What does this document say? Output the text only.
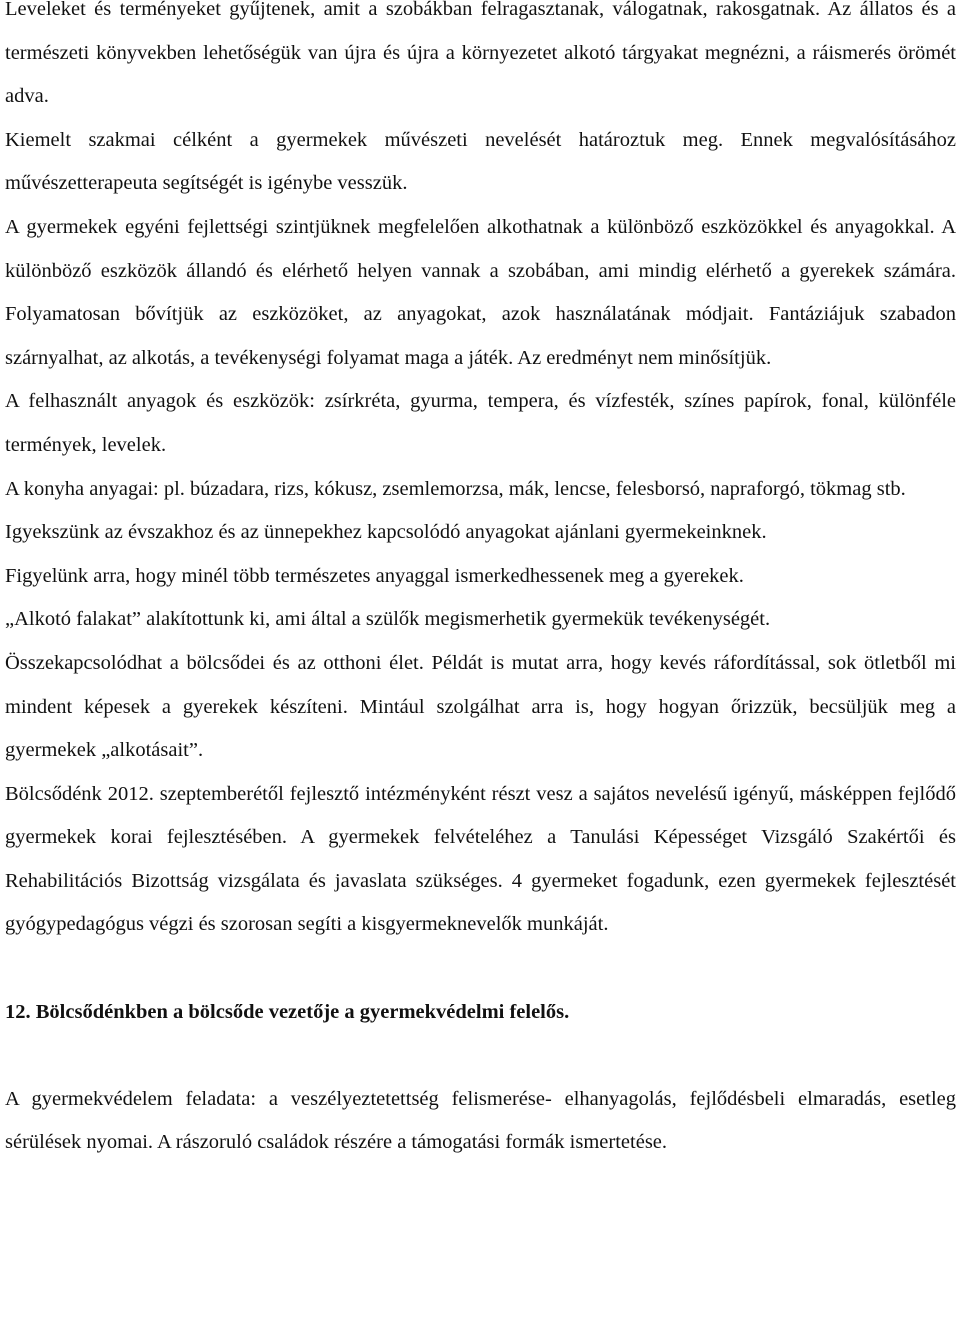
Leveleket és terményeket gyűjtenek, amit a szobákban felragasztanak, válogatnak, rakosgatnak. Az állatos és a természeti könyvekben lehetőségük van újra és újra a környezetet alkotó tárgyakat megnézni, a ráismerés örömét adva.

Kiemelt szakmai célként a gyermekek művészeti nevelését határoztuk meg. Ennek megvalósításához művészetterapeuta segítségét is igénybe vesszük.

A gyermekek egyéni fejlettségi szintjüknek megfelelően alkothatnak a különböző eszközökkel és anyagokkal. A különböző eszközök állandó és elérhető helyen vannak a szobában, ami mindig elérhető a gyerekek számára. Folyamatosan bővítjük az eszközöket, az anyagokat, azok használatának módjait. Fantáziájuk szabadon szárnyalhat, az alkotás, a tevékenységi folyamat maga a játék. Az eredményt nem minősítjük.

A felhasznált anyagok és eszközök: zsírkréta, gyurma, tempera, és vízfesték, színes papírok, fonal, különféle termények, levelek.

A konyha anyagai: pl. búzadara, rizs, kókusz, zsemlemorzsa, mák, lencse, felesborsó, napraforgó, tökmag stb.

Igyekszünk az évszakhoz és az ünnepekhez kapcsolódó anyagokat ajánlani gyermekeinknek.

Figyelünk arra, hogy minél több természetes anyaggal ismerkedhessenek meg a gyerekek.

„Alkotó falakat” alakítottunk ki, ami által a szülők megismerhetik gyermekük tevékenységét.

Összekapcsolódhat a bölcsődei és az otthoni élet. Példát is mutat arra, hogy kevés ráfordítással, sok ötletből mi mindent képesek a gyerekek készíteni. Mintául szolgálhat arra is, hogy hogyan őrizzük, becsüljük meg a gyermekek „alkotásait”.

Bölcsődénk 2012. szeptemberétől fejlesztő intézményként részt vesz a sajátos nevelésű igényű, másképpen fejlődő gyermekek korai fejlesztésében. A gyermekek felvételéhez a Tanulási Képességet Vizsgáló Szakértői és Rehabilitációs Bizottság vizsgálata és javaslata szükséges. 4 gyermeket fogadunk, ezen gyermekek fejlesztését gyógypedagógus végzi és szorosan segíti a kisgyermeknevelők munkáját.

12. Bölcsődénkben a bölcsőde vezetője a gyermekvédelmi felelős.

A gyermekvédelem feladata: a veszélyeztetettség felismerése- elhanyagolás, fejlődésbeli elmaradás, esetleg sérülések nyomai. A rászoruló családok részére a támogatási formák ismertetése.
